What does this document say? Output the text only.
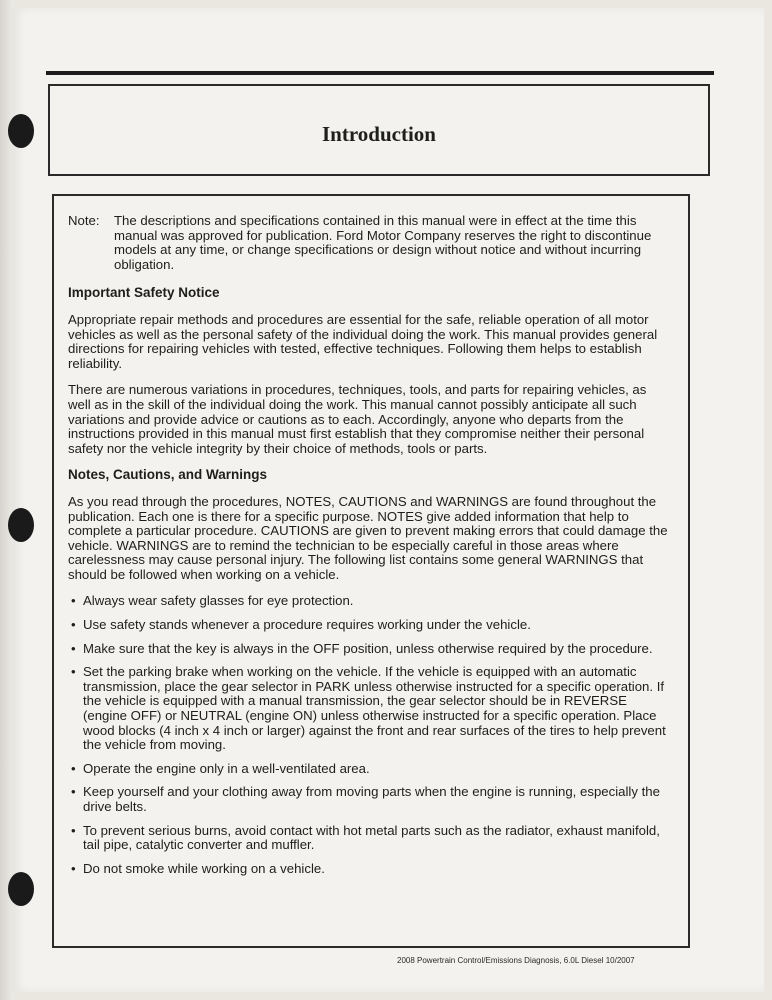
Introduction
Note:	The descriptions and specifications contained in this manual were in effect at the time this manual was approved for publication. Ford Motor Company reserves the right to discontinue models at any time, or change specifications or design without notice and without incurring obligation.
Important Safety Notice

Appropriate repair methods and procedures are essential for the safe, reliable operation of all motor vehicles as well as the personal safety of the individual doing the work. This manual provides general directions for repairing vehicles with tested, effective techniques. Following them helps to establish reliability.

There are numerous variations in procedures, techniques, tools, and parts for repairing vehicles, as well as in the skill of the individual doing the work. This manual cannot possibly anticipate all such variations and provide advice or cautions as to each. Accordingly, anyone who departs from the instructions provided in this manual must first establish that they compromise neither their personal safety nor the vehicle integrity by their choice of methods, tools or parts.

Notes, Cautions, and Warnings

As you read through the procedures, NOTES, CAUTIONS and WARNINGS are found throughout the publication. Each one is there for a specific purpose. NOTES give added information that help to complete a particular procedure. CAUTIONS are given to prevent making errors that could damage the vehicle. WARNINGS are to remind the technician to be especially careful in those areas where carelessness may cause personal injury. The following list contains some general WARNINGS that should be followed when working on a vehicle.

• Always wear safety glasses for eye protection.
• Use safety stands whenever a procedure requires working under the vehicle.
• Make sure that the key is always in the OFF position, unless otherwise required by the procedure.
• Set the parking brake when working on the vehicle. If the vehicle is equipped with an automatic transmission, place the gear selector in PARK unless otherwise instructed for a specific operation. If the vehicle is equipped with a manual transmission, the gear selector should be in REVERSE (engine OFF) or NEUTRAL (engine ON) unless otherwise instructed for a specific operation. Place wood blocks (4 inch x 4 inch or larger) against the front and rear surfaces of the tires to help prevent the vehicle from moving.
• Operate the engine only in a well-ventilated area.
• Keep yourself and your clothing away from moving parts when the engine is running, especially the drive belts.
• To prevent serious burns, avoid contact with hot metal parts such as the radiator, exhaust manifold, tail pipe, catalytic converter and muffler.
• Do not smoke while working on a vehicle.
2008 Powertrain Control/Emissions Diagnosis, 6.0L Diesel 10/2007
